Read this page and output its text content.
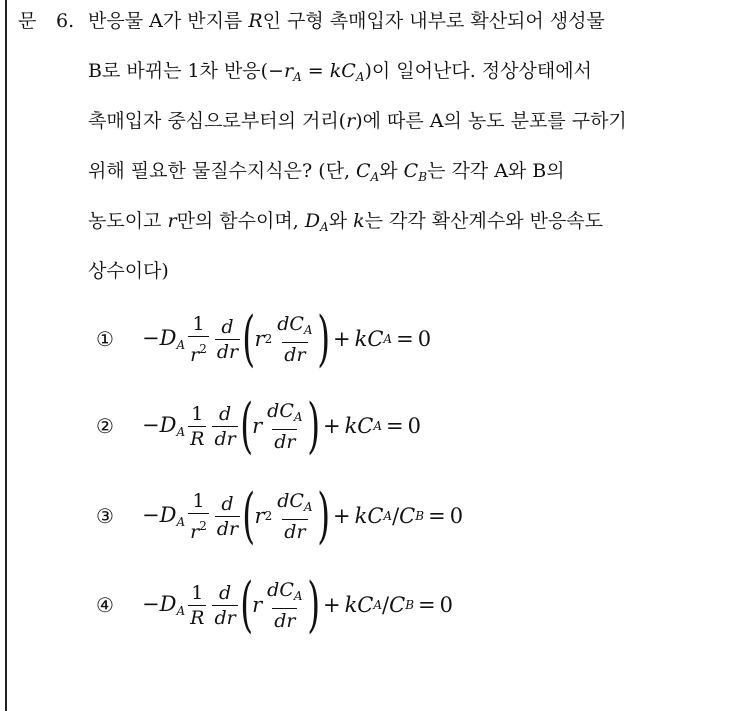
문 6. 반응물 A가 반지름 R인 구형 촉매입자 내부로 확산되어 생성물
B로 바뀌는 1차 반응$(-r_A = kC_A)$이 일어난다. 정상상태에서
촉매입자 중심으로부터의 거리(r)에 따른 A의 농도 분포를 구하기
위해 필요한 물질수지식은? (단, $C_A$와 $C_B$는 각각 A와 B의
농도이고 r만의 함수이며, $D_A$와 k는 각각 확산계수와 반응속도
상수이다)
①	$-D_A \frac{1}{r^2} \frac{d}{dr}$ ( r $2 \frac{dC_A}{dr}$ ) + kC A = 0
②	$-D_A \frac{1}{R} \frac{d}{dr}$ ( r $\frac{dC_A}{dr}$ ) + kC A = 0
③	$-D_A \frac{1}{r^2} \frac{d}{dr}$ ( r $2 \frac{dC_A}{dr}$ ) + kC A / C B = 0
④	$-D_A \frac{1}{R} \frac{d}{dr}$ ( r $\frac{dC_A}{dr}$ ) + kC A / C B = 0
